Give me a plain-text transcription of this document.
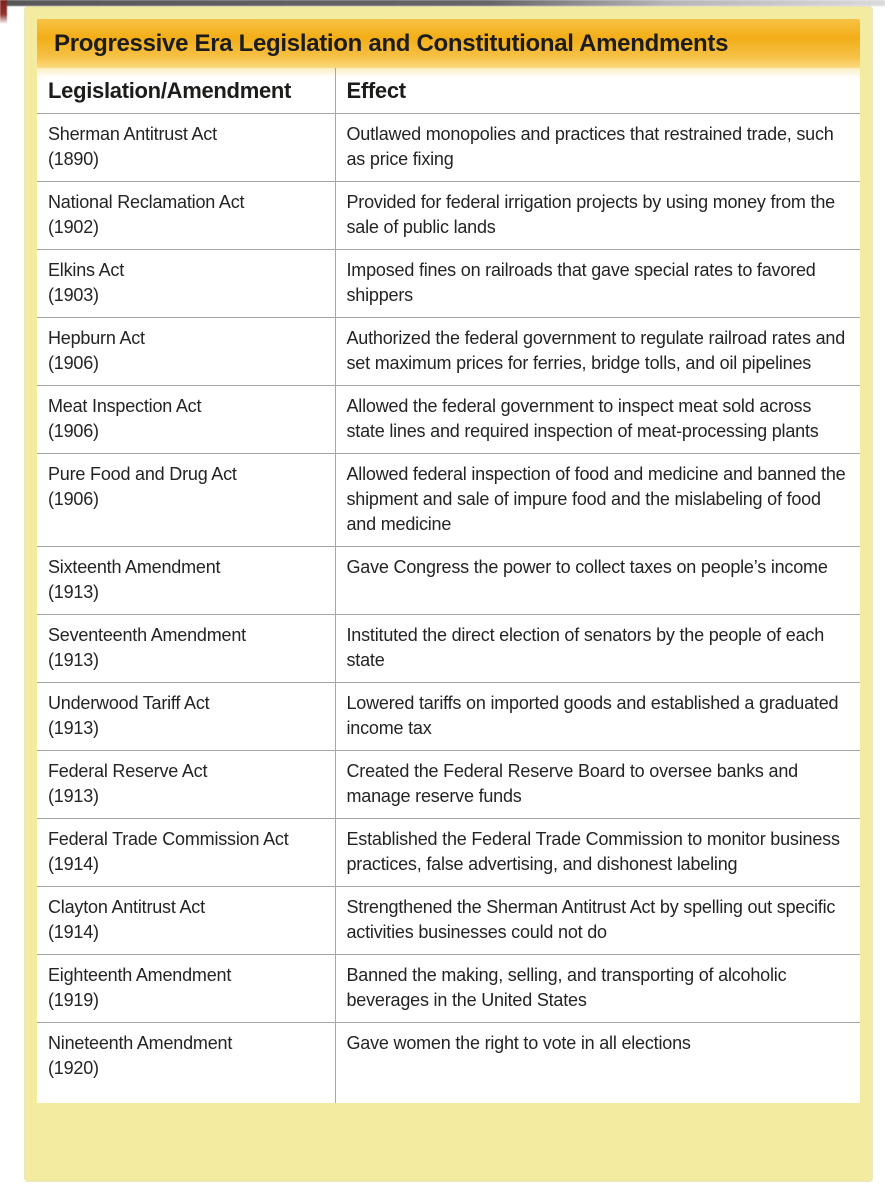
Progressive Era Legislation and Constitutional Amendments
Legislation/Amendment	Effect

Sherman Antitrust Act
(1890)	Outlawed monopolies and practices that restrained trade, such as price fixing

National Reclamation Act
(1902)	Provided for federal irrigation projects by using money from the sale of public lands

Elkins Act
(1903)	Imposed fines on railroads that gave special rates to favored shippers

Hepburn Act
(1906)	Authorized the federal government to regulate railroad rates and set maximum prices for ferries, bridge tolls, and oil pipelines

Meat Inspection Act
(1906)	Allowed the federal government to inspect meat sold across state lines and required inspection of meat-processing plants

Pure Food and Drug Act
(1906)	Allowed federal inspection of food and medicine and banned the shipment and sale of impure food and the mislabeling of food and medicine

Sixteenth Amendment
(1913)	Gave Congress the power to collect taxes on people’s income

Seventeenth Amendment
(1913)	Instituted the direct election of senators by the people of each state

Underwood Tariff Act
(1913)	Lowered tariffs on imported goods and established a graduated income tax

Federal Reserve Act
(1913)	Created the Federal Reserve Board to oversee banks and manage reserve funds

Federal Trade Commission Act
(1914)	Established the Federal Trade Commission to monitor business practices, false advertising, and dishonest labeling

Clayton Antitrust Act
(1914)	Strengthened the Sherman Antitrust Act by spelling out specific activities businesses could not do

Eighteenth Amendment
(1919)	Banned the making, selling, and transporting of alcoholic beverages in the United States

Nineteenth Amendment
(1920)	Gave women the right to vote in all elections
